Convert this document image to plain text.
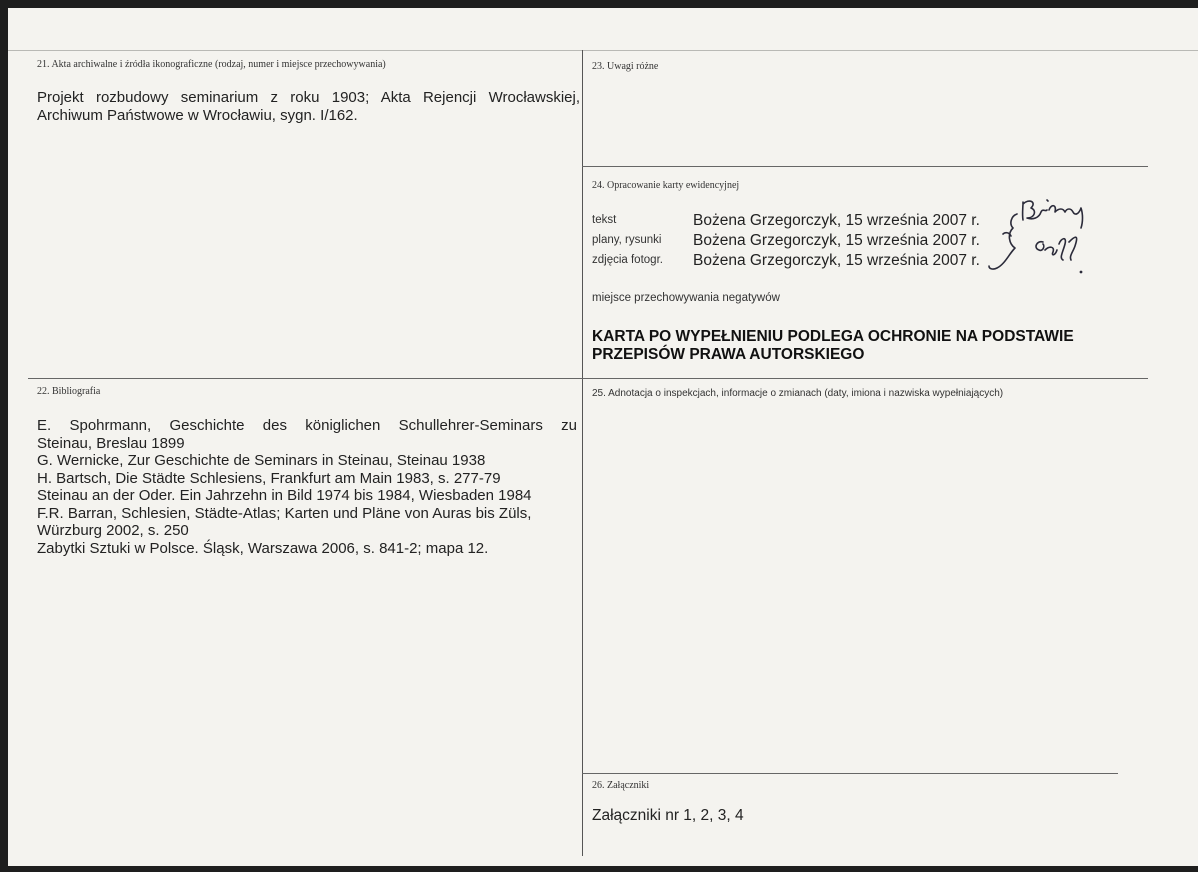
21. Akta archiwalne i źródła ikonograficzne (rodzaj, numer i miejsce przechowywania)
Projekt rozbudowy seminarium z roku 1903; Akta Rejencji Wrocławskiej,
Archiwum Państwowe w Wrocławiu, sygn. I/162.
23. Uwagi różne
24. Opracowanie karty ewidencyjnej
tekst	Bożena Grzegorczyk, 15 września 2007 r.
plany, rysunki Bożena Grzegorczyk, 15 września 2007 r.
zdjęcia fotogr. Bożena Grzegorczyk, 15 września 2007 r.
miejsce przechowywania negatywów
KARTA PO WYPEŁNIENIU PODLEGA OCHRONIE NA PODSTAWIE
PRZEPISÓW PRAWA AUTORSKIEGO
22. Bibliografia
E. Spohrmann, Geschichte des königlichen Schullehrer-Seminars zu
Steinau, Breslau 1899
G. Wernicke, Zur Geschichte de Seminars in Steinau, Steinau 1938
H. Bartsch, Die Städte Schlesiens, Frankfurt am Main 1983, s. 277-79
Steinau an der Oder. Ein Jahrzehn in Bild 1974 bis 1984, Wiesbaden 1984
F.R. Barran, Schlesien, Städte-Atlas; Karten und Pläne von Auras bis Züls,
Würzburg 2002, s. 250
Zabytki Sztuki w Polsce. Śląsk, Warszawa 2006, s. 841-2; mapa 12.
25. Adnotacja o inspekcjach, informacje o zmianach (daty, imiona i nazwiska wypełniających)
26. Załączniki
Załączniki nr 1, 2, 3, 4
